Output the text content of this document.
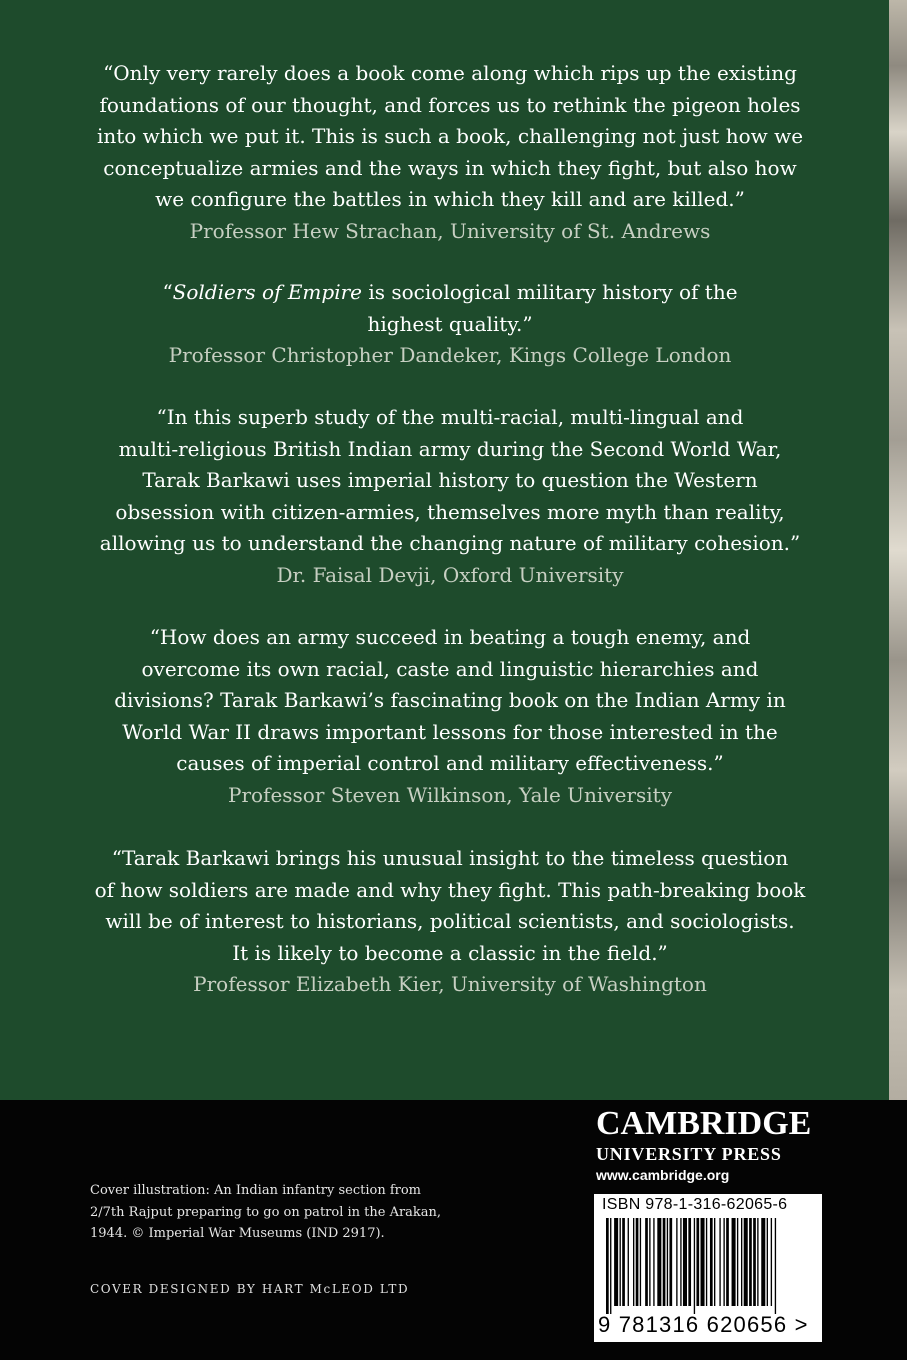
“Only very rarely does a book come along which rips up the existing
foundations of our thought, and forces us to rethink the pigeon holes
into which we put it. This is such a book, challenging not just how we
conceptualize armies and the ways in which they fight, but also how
we configure the battles in which they kill and are killed.”
Professor Hew Strachan, University of St. Andrews
“Soldiers of Empire is sociological military history of the
highest quality.”
Professor Christopher Dandeker, Kings College London
“In this superb study of the multi-racial, multi-lingual and
multi-religious British Indian army during the Second World War,
Tarak Barkawi uses imperial history to question the Western
obsession with citizen-armies, themselves more myth than reality,
allowing us to understand the changing nature of military cohesion.”
Dr. Faisal Devji, Oxford University
“How does an army succeed in beating a tough enemy, and
overcome its own racial, caste and linguistic hierarchies and
divisions? Tarak Barkawi’s fascinating book on the Indian Army in
World War II draws important lessons for those interested in the
causes of imperial control and military effectiveness.”
Professor Steven Wilkinson, Yale University
“Tarak Barkawi brings his unusual insight to the timeless question
of how soldiers are made and why they fight. This path-breaking book
will be of interest to historians, political scientists, and sociologists.
It is likely to become a classic in the field.”
Professor Elizabeth Kier, University of Washington
Cover illustration: An Indian infantry section from
2/7th Rajput preparing to go on patrol in the Arakan,
1944. © Imperial War Museums (IND 2917).
COVER DESIGNED BY HART McLEOD LTD
CAMBRIDGE
UNIVERSITY PRESS
www.cambridge.org
ISBN 978-1-316-62065-6
9 781316 620656 >
